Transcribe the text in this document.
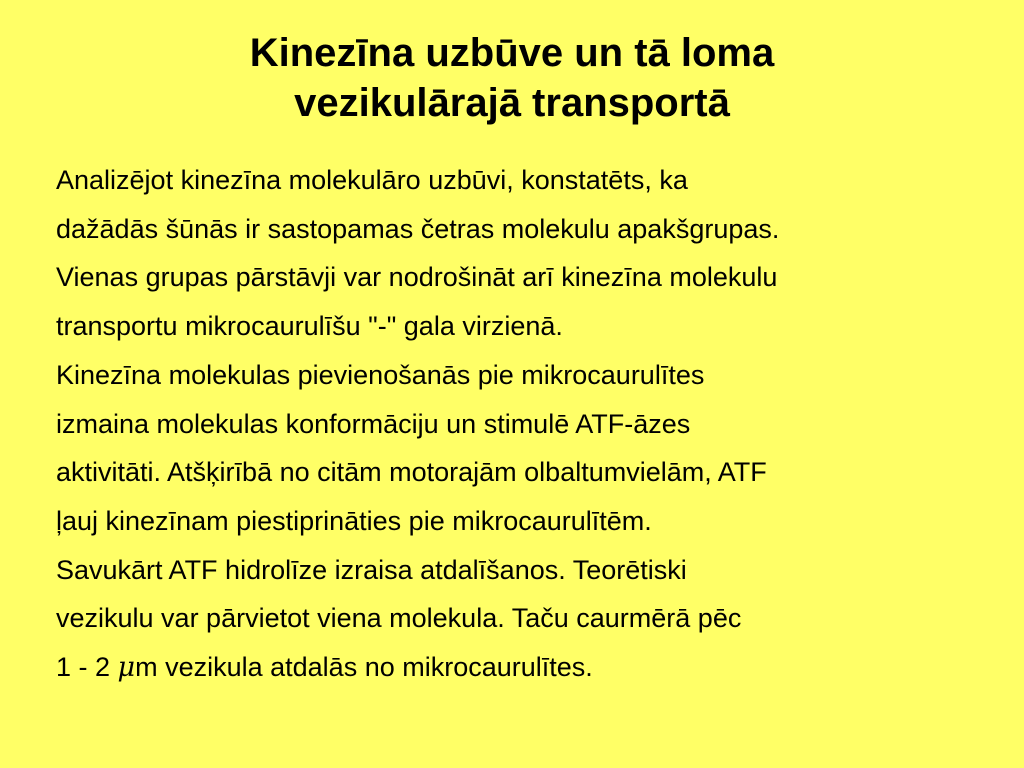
Kinezīna uzbūve un tā loma
vezikulārajā transportā
Analizējot kinezīna molekulāro uzbūvi, konstatēts, ka
dažādās šūnās ir sastopamas četras molekulu apakšgrupas.
Vienas grupas pārstāvji var nodrošināt arī kinezīna molekulu
transportu mikrocaurulīšu "-" gala virzienā.
Kinezīna molekulas pievienošanās pie mikrocaurulītes
izmaina molekulas konformāciju un stimulē ATF-āzes
aktivitāti. Atšķirībā no citām motorajām olbaltumvielām, ATF
ļauj kinezīnam piestiprināties pie mikrocaurulītēm.
Savukārt ATF hidrolīze izraisa atdalīšanos. Teorētiski
vezikulu var pārvietot viena molekula. Taču caurmērā pēc
1 - 2 μm vezikula atdalās no mikrocaurulītes.
